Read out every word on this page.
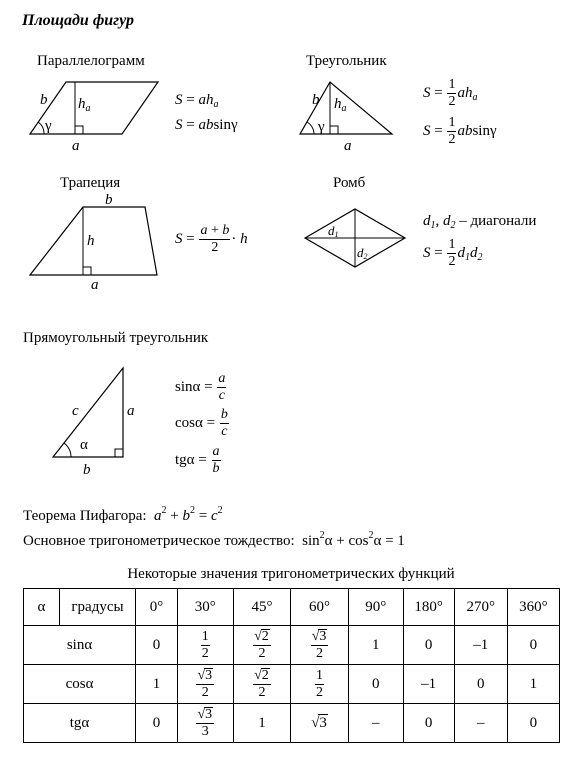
Площади фигур
Параллелограмм
b $h_a$
γ
a
$S = ah_a$
S = absinγ
Треугольник
b $h_a$
γ
a
$S = \frac{1}{2} ah_a$
$S = \frac{1}{2}$ absinγ
Трапеция
b
h
a
$S = \frac{a + b}{2} \cdot h$
Ромб
d1
d2
$d_1$, $d_2$ – диагонали
$S = \frac{1}{2} d_1d_2$
Прямоугольный треугольник
c	a
α
b
$\sin\alpha = \frac{a}{c}$
$\cos\alpha = \frac{b}{c}$
$tg\alpha = \frac{a}{b}$
Теорема Пифагора: $a^2 + b^2 = c^2$
Основное тригонометрическое тождество:  $\sin^2\alpha + \cos^2\alpha = 1$
Некоторые значения тригонометрических функций
α	градусы	0°	30°	45°	60°	90°	180°	270°	360°
sinα		0	$\frac{1}{2}$	$\frac{√2}{2}$	$\frac{√3}{2}$	1	0	–1	0
cosα		1	$\frac{√3}{2}$	$\frac{√2}{2}$	$\frac{1}{2}$	0	–1	0	1
tgα		0	$\frac{√3}{3}$	1	√3	–	0	–	0
